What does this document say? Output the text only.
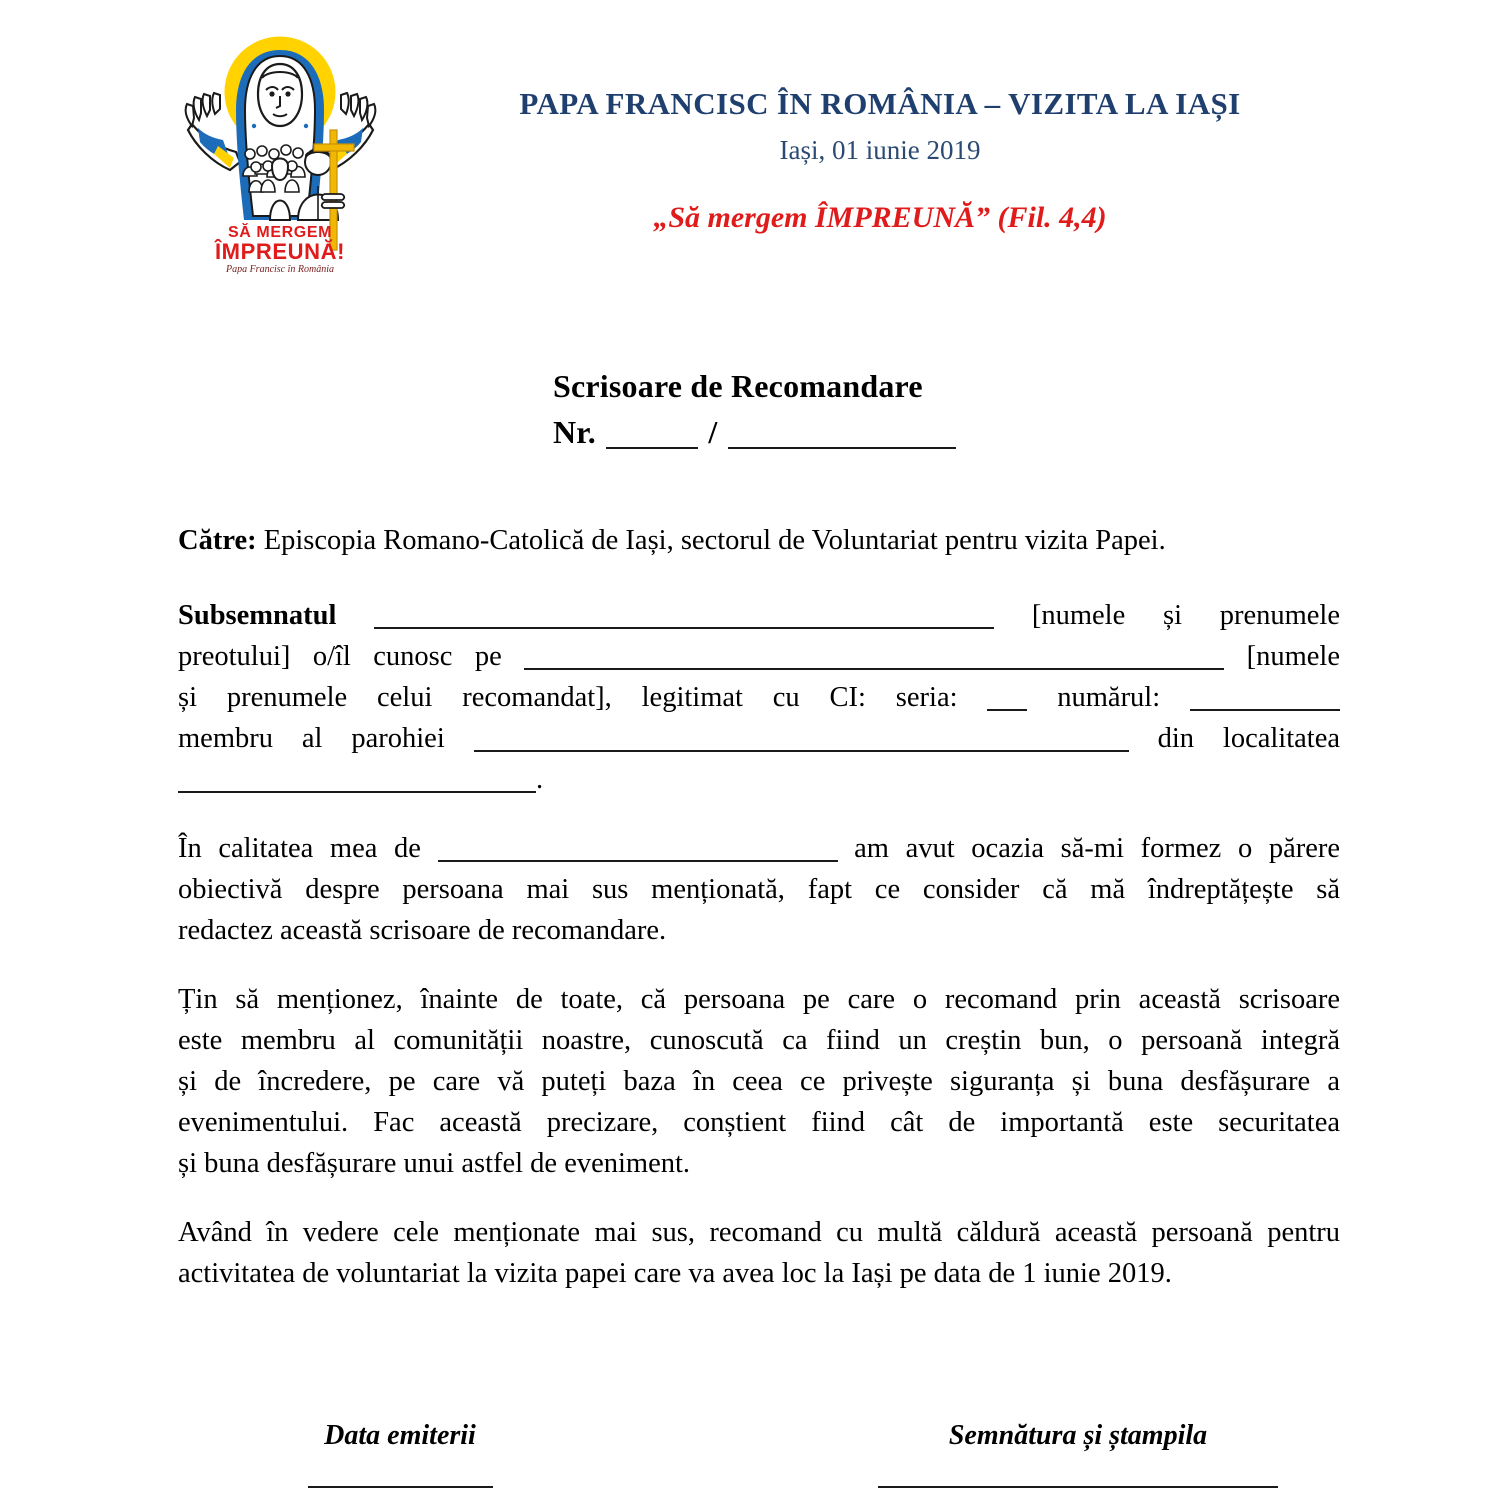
SĂ MERGEM
ÎMPREUNĂ!
Papa Francisc în România
PAPA FRANCISC ÎN ROMÂNIA – VIZITA LA IAȘI
Iași, 01 iunie 2019
„Să mergem ÎMPREUNĂ” (Fil. 4,4)
Scrisoare de Recomandare
Nr.	/
Către: Episcopia Romano-Catolică de Iași, sectorul de Voluntariat pentru vizita Papei.
Subsemnatul	[numele și prenumele
preotului] o/îl cunosc pe	[numele
și prenumele celui recomandat], legitimat cu CI: seria:	numărul:
membru al parohiei	din localitatea
.
În calitatea mea de	am avut ocazia să-mi formez o părere
obiectivă despre persoana mai sus menționată, fapt ce consider că mă îndreptățește să
redactez această scrisoare de recomandare.
Țin să menționez, înainte de toate, că persoana pe care o recomand prin această scrisoare
este membru al comunității noastre, cunoscută ca fiind un creștin bun, o persoană integră
și de încredere, pe care vă puteți baza în ceea ce privește siguranța și buna desfășurare a
evenimentului. Fac această precizare, conștient fiind cât de importantă este securitatea
și buna desfășurare unui astfel de eveniment.
Având în vedere cele menționate mai sus, recomand cu multă căldură această persoană pentru
activitatea de voluntariat la vizita papei care va avea loc la Iași pe data de 1 iunie 2019.
Data emiterii	Semnătura și ștampila
